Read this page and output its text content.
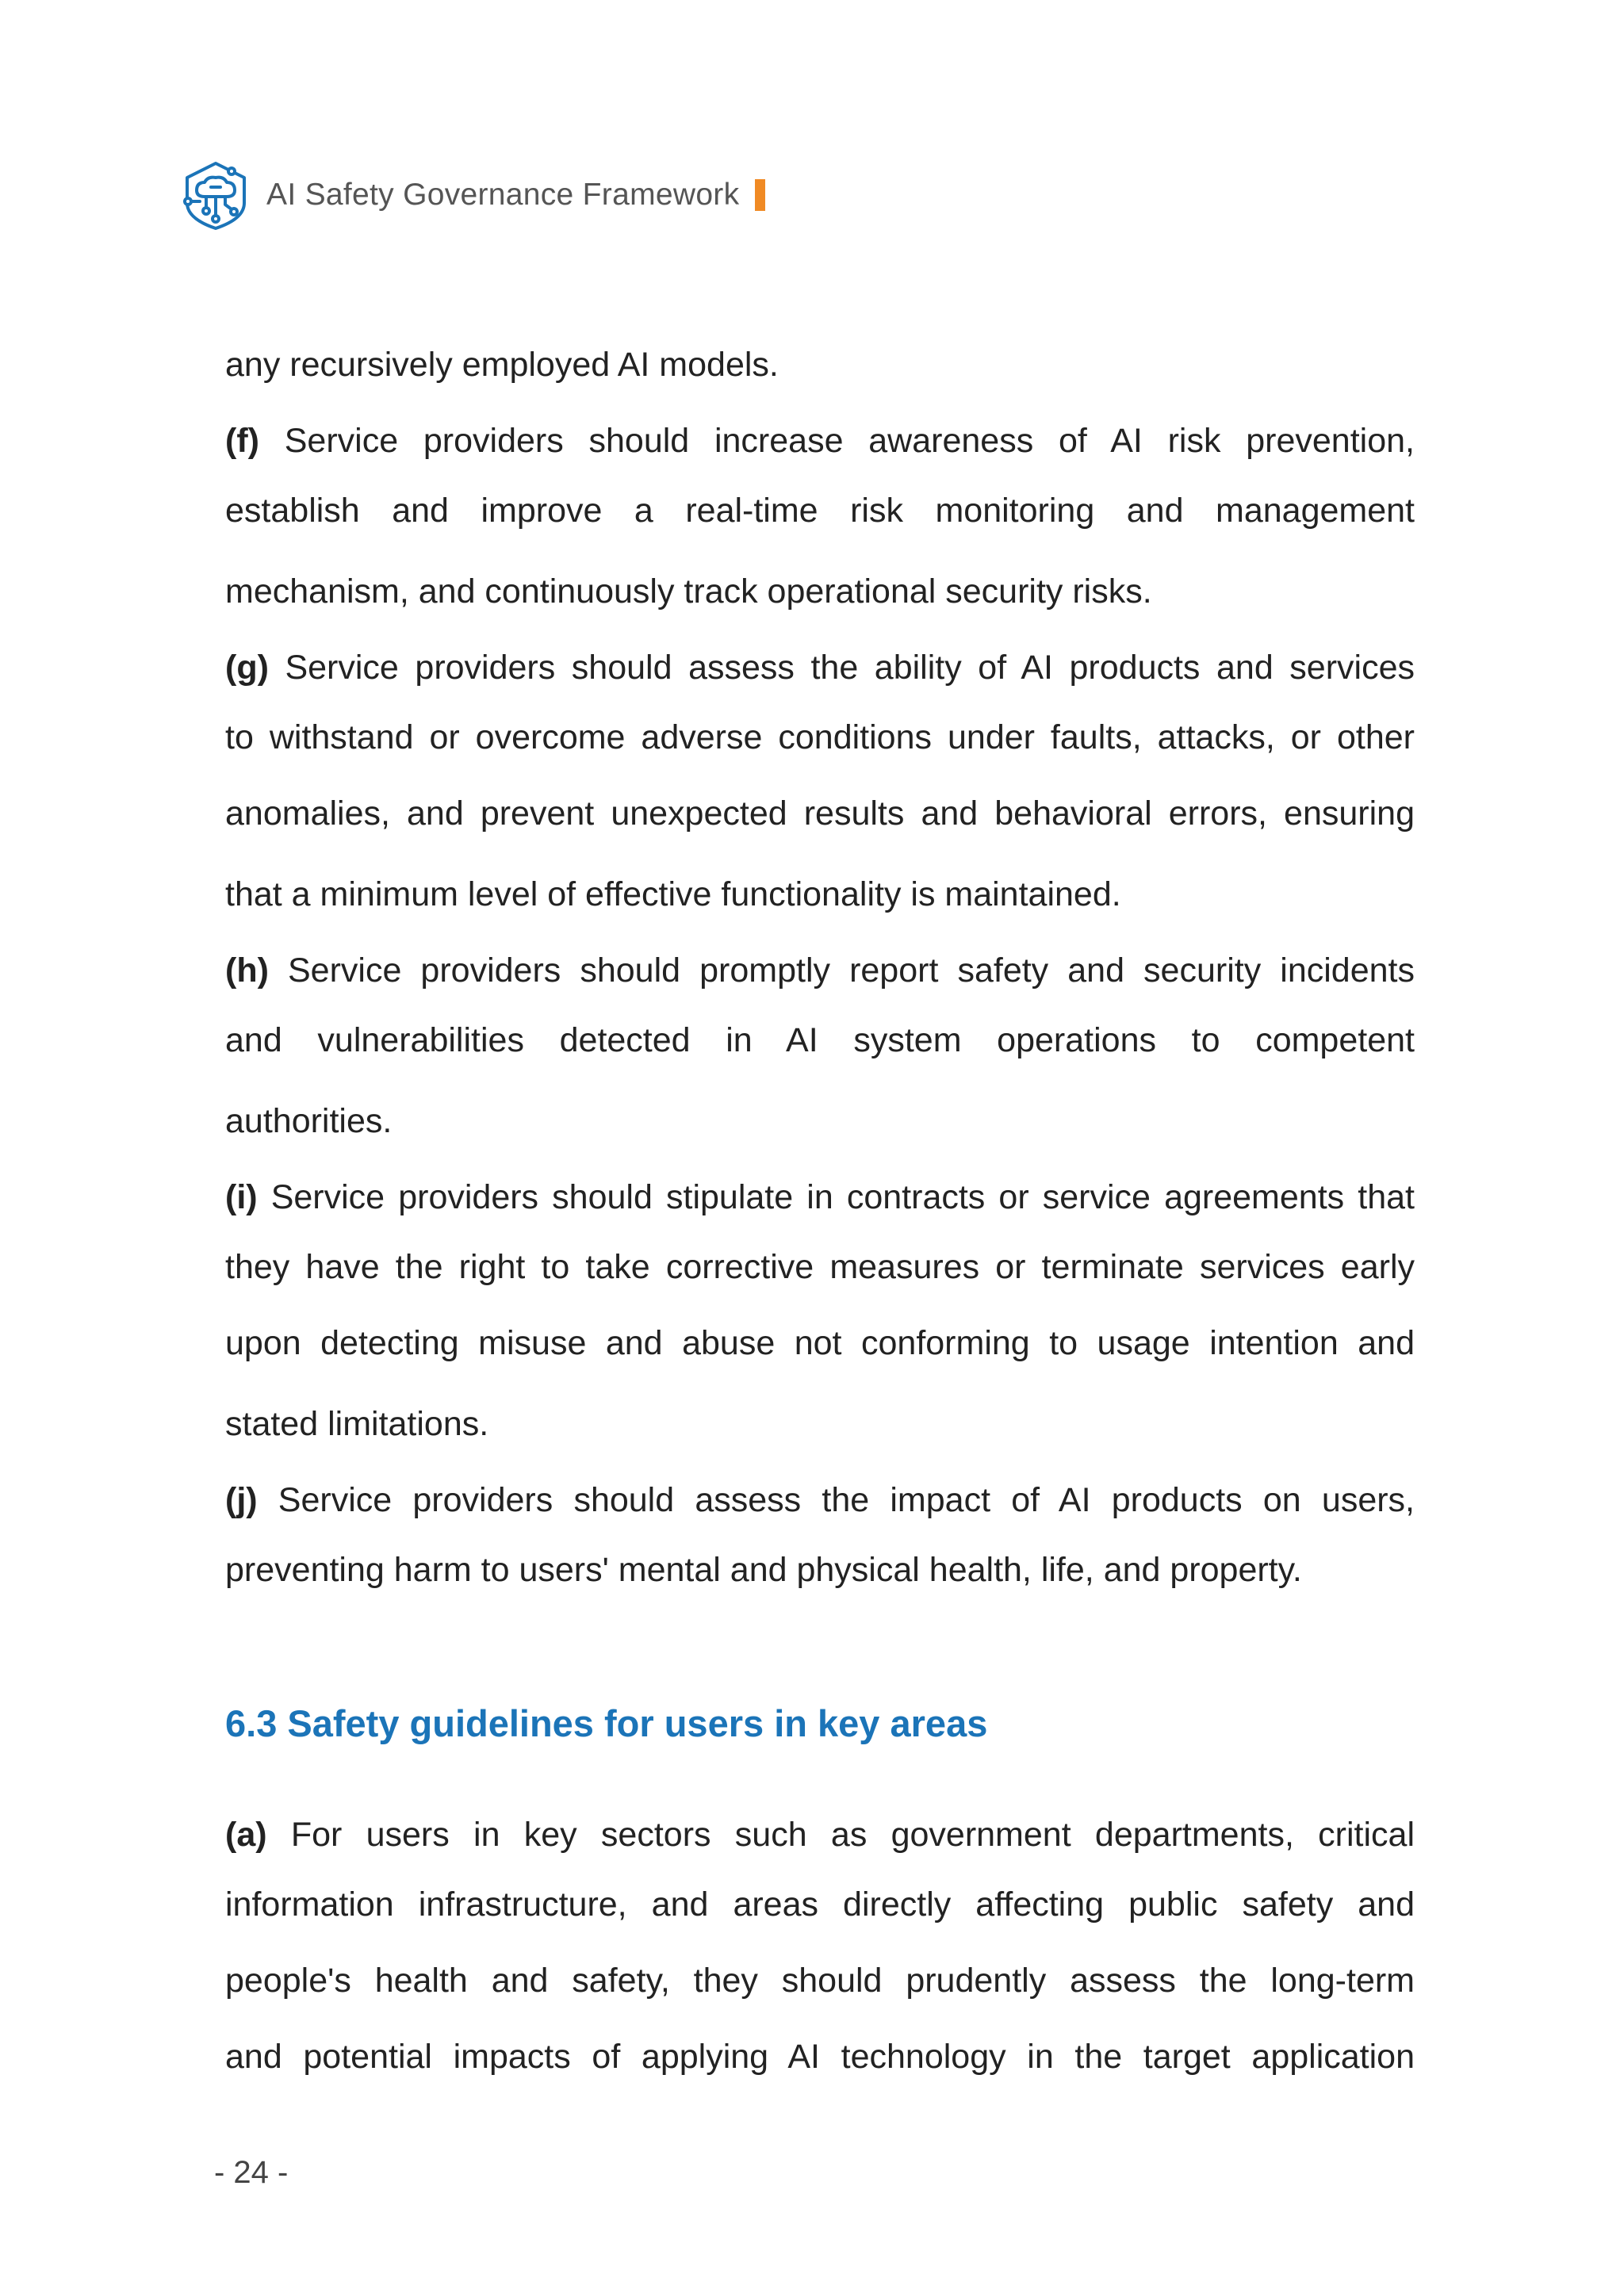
AI Safety Governance Framework
any recursively employed AI models.
(f) Service providers should increase awareness of AI risk prevention,
establish and improve a real-time risk monitoring and management
mechanism, and continuously track operational security risks.
(g) Service providers should assess the ability of AI products and services
to withstand or overcome adverse conditions under faults, attacks, or other
anomalies, and prevent unexpected results and behavioral errors, ensuring
that a minimum level of effective functionality is maintained.
(h) Service providers should promptly report safety and security incidents
and vulnerabilities detected in AI system operations to competent
authorities.
(i) Service providers should stipulate in contracts or service agreements that
they have the right to take corrective measures or terminate services early
upon detecting misuse and abuse not conforming to usage intention and
stated limitations.
(j) Service providers should assess the impact of AI products on users,
preventing harm to users' mental and physical health, life, and property.
6.3 Safety guidelines for users in key areas
(a) For users in key sectors such as government departments, critical
information infrastructure, and areas directly affecting public safety and
people's health and safety, they should prudently assess the long-term
and potential impacts of applying AI technology in the target application
- 24 -
